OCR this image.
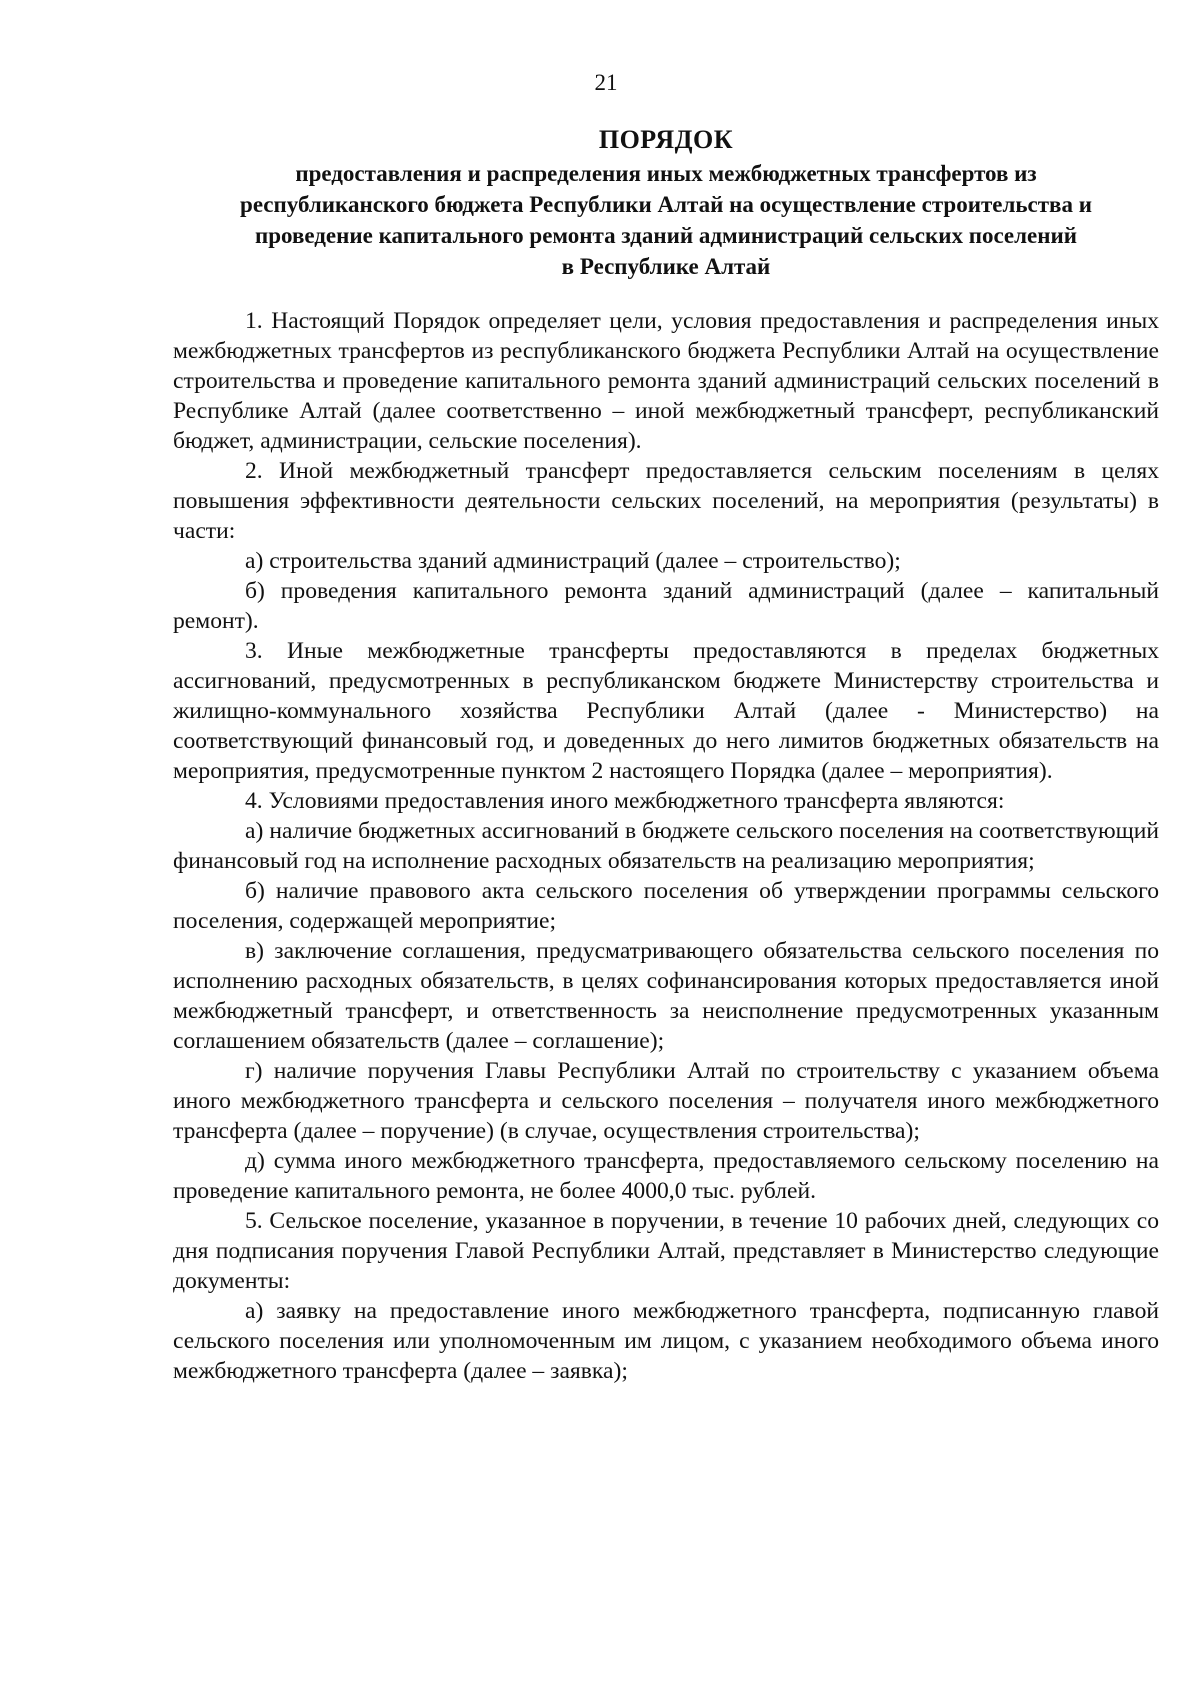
21
ПОРЯДОК
предоставления и распределения иных межбюджетных трансфертов из
республиканского бюджета Республики Алтай на осуществление строительства и
проведение капитального ремонта зданий администраций сельских поселений
в Республике Алтай

1. Настоящий Порядок определяет цели, условия предоставления и распределения иных межбюджетных трансфертов из республиканского бюджета Республики Алтай на осуществление строительства и проведение капитального ремонта зданий администраций сельских поселений в Республике Алтай (далее соответственно – иной межбюджетный трансферт, республиканский бюджет, администрации, сельские поселения).

2. Иной межбюджетный трансферт предоставляется сельским поселениям в целях повышения эффективности деятельности сельских поселений, на мероприятия (результаты) в части:

а) строительства зданий администраций (далее – строительство);

б) проведения капитального ремонта зданий администраций (далее – капитальный ремонт).

3. Иные межбюджетные трансферты предоставляются в пределах бюджетных ассигнований, предусмотренных в республиканском бюджете Министерству строительства и жилищно-коммунального хозяйства Республики Алтай (далее - Министерство) на соответствующий финансовый год, и доведенных до него лимитов бюджетных обязательств на мероприятия, предусмотренные пунктом 2 настоящего Порядка (далее – мероприятия).

4. Условиями предоставления иного межбюджетного трансферта являются:

а) наличие бюджетных ассигнований в бюджете сельского поселения на соответствующий финансовый год на исполнение расходных обязательств на реализацию мероприятия;

б) наличие правового акта сельского поселения об утверждении программы сельского поселения, содержащей мероприятие;

в) заключение соглашения, предусматривающего обязательства сельского поселения по исполнению расходных обязательств, в целях софинансирования которых предоставляется иной межбюджетный трансферт, и ответственность за неисполнение предусмотренных указанным соглашением обязательств (далее – соглашение);

г) наличие поручения Главы Республики Алтай по строительству с указанием объема иного межбюджетного трансферта и сельского поселения – получателя иного межбюджетного трансферта (далее – поручение) (в случае, осуществления строительства);

д) сумма иного межбюджетного трансферта, предоставляемого сельскому поселению на проведение капитального ремонта, не более 4000,0 тыс. рублей.

5. Сельское поселение, указанное в поручении, в течение 10 рабочих дней, следующих со дня подписания поручения Главой Республики Алтай, представляет в Министерство следующие документы:

а) заявку на предоставление иного межбюджетного трансферта, подписанную главой сельского поселения или уполномоченным им лицом, с указанием необходимого объема иного межбюджетного трансферта (далее – заявка);
